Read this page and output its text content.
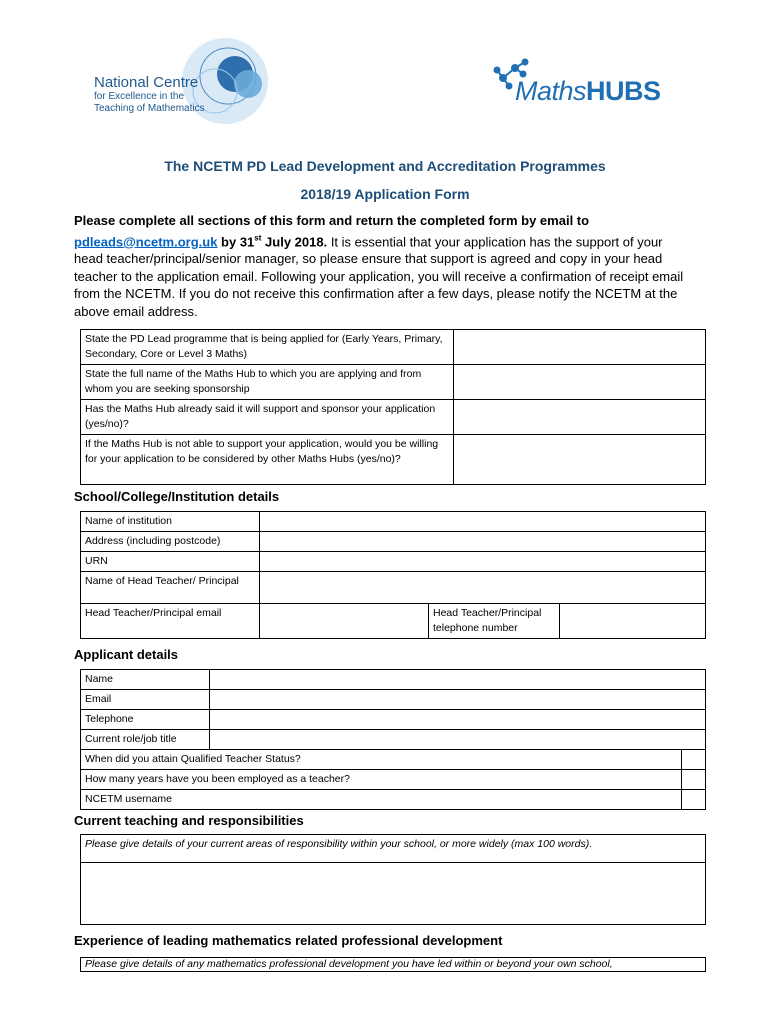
National Centre
for Excellence in the
Teaching of Mathematics
MathsHUBS
The NCETM PD Lead Development and Accreditation Programmes
2018/19 Application Form
Please complete all sections of this form and return the completed form by email to pdleads@ncetm.org.uk by 31st July 2018. It is essential that your application has the support of your head teacher/principal/senior manager, so please ensure that support is agreed and copy in your head teacher to the application email. Following your application, you will receive a confirmation of receipt email from the NCETM. If you do not receive this confirmation after a few days, please notify the NCETM at the above email address.
State the PD Lead programme that is being applied for (Early Years, Primary, Secondary, Core or Level 3 Maths)	
State the full name of the Maths Hub to which you are applying and from whom you are seeking sponsorship	
Has the Maths Hub already said it will support and sponsor your application (yes/no)?	
If the Maths Hub is not able to support your application, would you be willing for your application to be considered by other Maths Hubs (yes/no)?	
School/College/Institution details
Name of institution			
Address (including postcode)			
URN			
Name of Head Teacher/ Principal			
Head Teacher/Principal email		Head Teacher/Principal telephone number	
Applicant details
Name		
Email		
Telephone		
Current role/job title		
When did you attain Qualified Teacher Status?		
How many years have you been employed as a teacher?		
NCETM username		
Current teaching and responsibilities
Please give details of your current areas of responsibility within your school, or more widely (max 100 words).

Experience of leading mathematics related professional development
Please give details of any mathematics professional development you have led within or beyond your own school,
